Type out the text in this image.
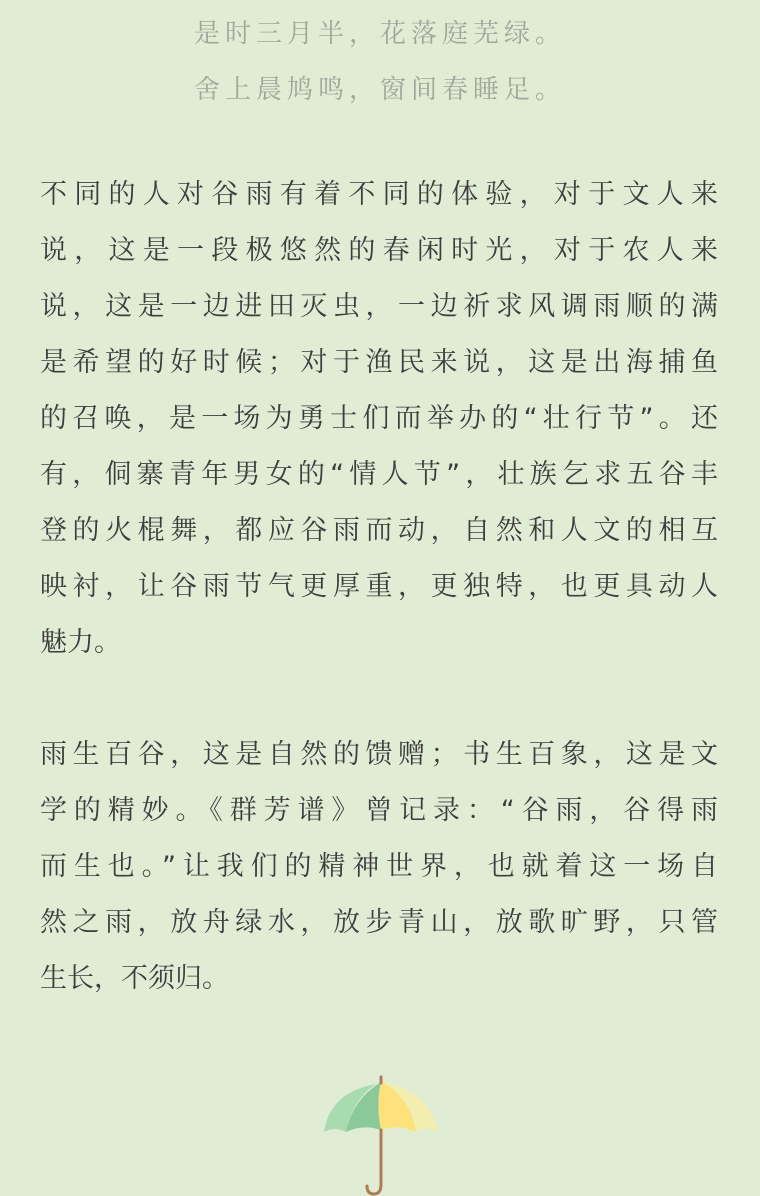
是时三月半，花落庭芜绿。
舍上晨鸠鸣，窗间春睡足。
不同的人对谷雨有着不同的体验，对于文人来
说，这是一段极悠然的春闲时光，对于农人来
说，这是一边进田灭虫，一边祈求风调雨顺的满
是希望的好时候；对于渔民来说，这是出海捕鱼
的召唤，是一场为勇士们而举办的“壮行节”。还
有，侗寨青年男女的“情人节”，壮族乞求五谷丰
登的火棍舞，都应谷雨而动，自然和人文的相互
映衬，让谷雨节气更厚重，更独特，也更具动人
魅力。
雨生百谷，这是自然的馈赠；书生百象，这是文
学的精妙。《群芳谱》曾记录：“谷雨，谷得雨
而生也。”让我们的精神世界，也就着这一场自
然之雨，放舟绿水，放步青山，放歌旷野，只管
生长，不须归。
